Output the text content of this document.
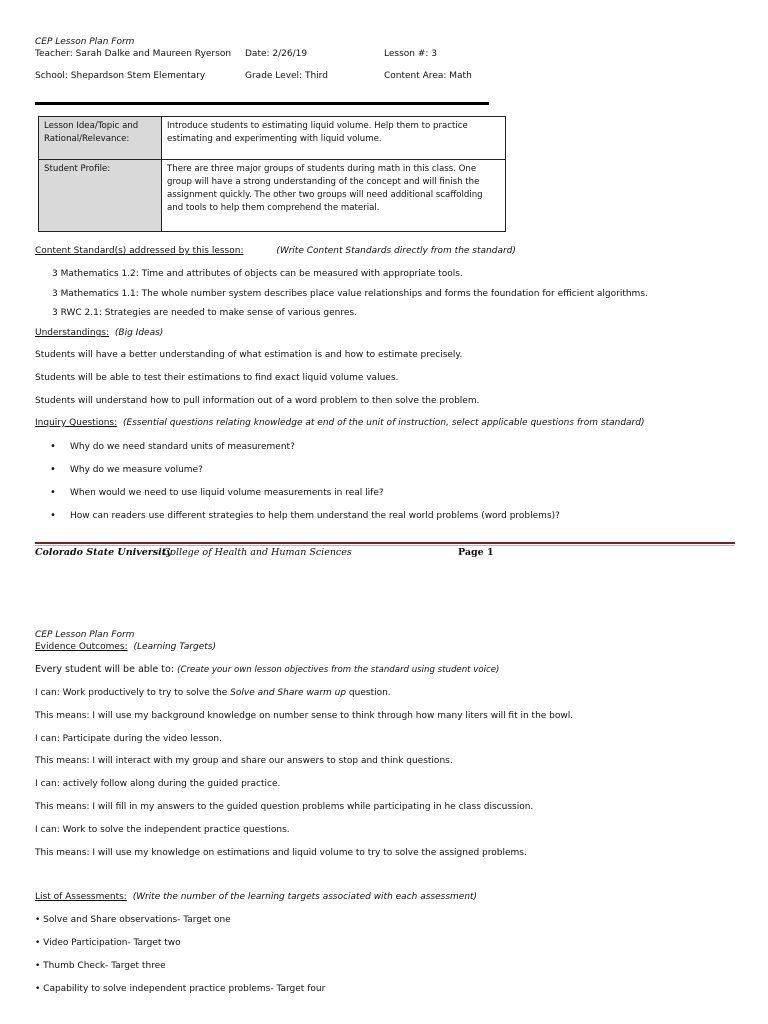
CEP Lesson Plan Form
Teacher: Sarah Dalke and Maureen Ryerson Date: 2/26/19	Lesson #: 3
School: Shepardson Stem Elementary	Grade Level: Third	Content Area: Math
Lesson Idea/Topic and Rational/Relevance:	Introduce students to estimating liquid volume. Help them to practice estimating and experimenting with liquid volume.
Student Profile:	There are three major groups of students during math in this class. One group will have a strong understanding of the concept and will finish the assignment quickly. The other two groups will need additional scaffolding and tools to help them comprehend the material.
Content Standard(s) addressed by this lesson:	(Write Content Standards directly from the standard)
3 Mathematics 1.2: Time and attributes of objects can be measured with appropriate tools.
3 Mathematics 1.1: The whole number system describes place value relationships and forms the foundation for efficient algorithms.
3 RWC 2.1: Strategies are needed to make sense of various genres.
Understandings: (Big Ideas)
Students will have a better understanding of what estimation is and how to estimate precisely.
Students will be able to test their estimations to find exact liquid volume values.
Students will understand how to pull information out of a word problem to then solve the problem.
Inquiry Questions: (Essential questions relating knowledge at end of the unit of instruction, select applicable questions from standard)
• Why do we need standard units of measurement?
• Why do we measure volume?
• When would we need to use liquid volume measurements in real life?
• How can readers use different strategies to help them understand the real world problems (word problems)?
Colorado State University
College of Health and Human Sciences	Page 1
CEP Lesson Plan Form
Evidence Outcomes: (Learning Targets)
Every student will be able to: (Create your own lesson objectives from the standard using student voice)
I can: Work productively to try to solve the Solve and Share warm up question.
This means: I will use my background knowledge on number sense to think through how many liters will fit in the bowl.
I can: Participate during the video lesson.
This means: I will interact with my group and share our answers to stop and think questions.
I can: actively follow along during the guided practice.
This means: I will fill in my answers to the guided question problems while participating in he class discussion.
I can: Work to solve the independent practice questions.
This means: I will use my knowledge on estimations and liquid volume to try to solve the assigned problems.
List of Assessments: (Write the number of the learning targets associated with each assessment)
• Solve and Share observations- Target one
• Video Participation- Target two
• Thumb Check- Target three
• Capability to solve independent practice problems- Target four
